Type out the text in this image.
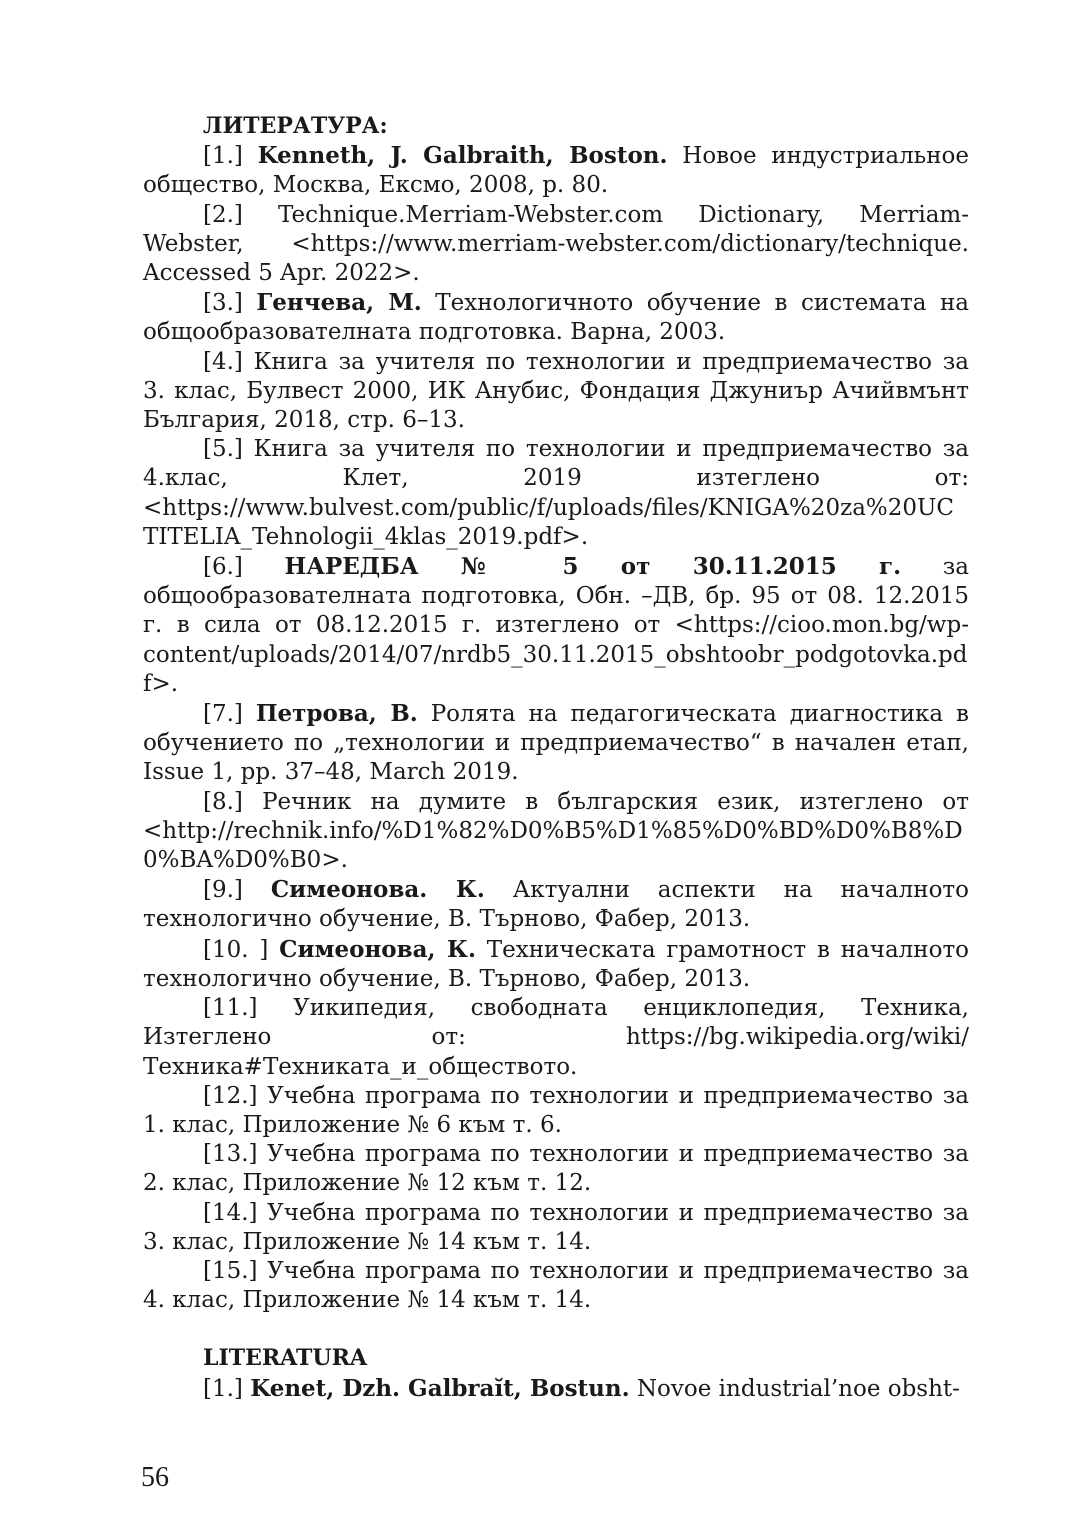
ЛИТЕРАТУРА:

[1.] Kenneth, J. Galbraith, Boston. Новое индустриальное общество, Москва, Ексмо, 2008, p. 80.

[2.] Technique.Merriam-Webster.com Dictionary, Merriam-Webster, <https://www.merriam-webster.com/dictionary/technique. Accessed 5 Apr. 2022>.

[3.] Генчева, М. Технологичното обучение в системата на общообразователната подготовка. Варна, 2003.

[4.] Книга за учителя по технологии и предприемачество за 3. клас, Булвест 2000, ИК Анубис, Фондация Джуниър Ачийвмънт България, 2018, стр. 6–13.

[5.] Книга за учителя по технологии и предприемачество за 4.клас, Клет, 2019 изтеглено от: <https://www.bulvest.com/public/f/uploads/files/KNIGA%20za%20UCTITELIA_Tehnologii_4klas_2019.pdf>.

[6.] НАРЕДБА № 5 от 30.11.2015 г. за общообразователната подготовка, Обн. –ДВ, бр. 95 от 08. 12.2015 г. в сила от 08.12.2015 г. изтеглено от <https://cioo.mon.bg/wp-content/uploads/2014/07/nrdb5_30.11.2015_obshtoobr_podgotovka.pdf>.

[7.] Петрова, В. Ролята на педагогическата диагностика в обучението по „технологии и предприемачество“ в начален етап, Issue 1, pp. 37–48, March 2019.

[8.] Речник на думите в българския език, изтеглено от <http://rechnik.info/%D1%82%D0%B5%D1%85%D0%BD%D0%B8%D0%BA%D0%B0>.

[9.] Симеонова. К. Актуални аспекти на началното технологично обучение, В. Търново, Фабер, 2013.

[10. ] Симеонова, К. Техническата грамотност в началното технологично обучение, В. Търново, Фабер, 2013.

[11.] Уикипедия, свободната енциклопедия, Техника, Изтеглено от: https://bg.wikipedia.org/wiki/Техника#Техниката_и_обществото.

[12.] Учебна програма по технологии и предприемачество за 1. клас, Приложение № 6 към т. 6.

[13.] Учебна програма по технологии и предприемачество за 2. клас, Приложение № 12 към т. 12.

[14.] Учебна програма по технологии и предприемачество за 3. клас, Приложение № 14 към т. 14.

[15.] Учебна програма по технологии и предприемачество за 4. клас, Приложение № 14 към т. 14.

LITERATURA

[1.] Kenet, Dzh. Galbraĭt, Bostun. Novoe industrial’noe obsht-

56
